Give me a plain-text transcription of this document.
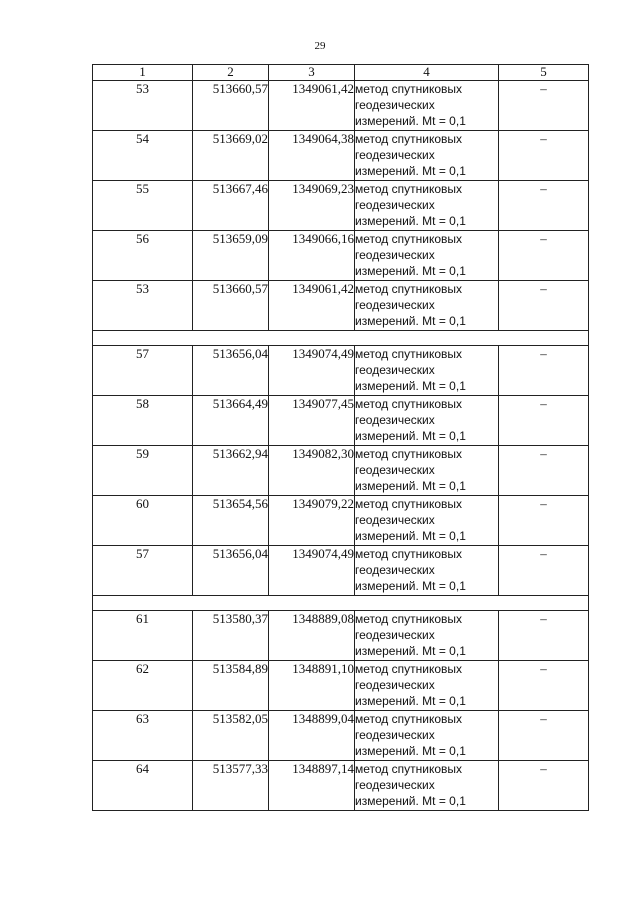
29
1	2	3	4	5
53	513660,57	1349061,42	метод спутниковых
геодезических
измерений. Mt = 0,1	–
54	513669,02	1349064,38	метод спутниковых
геодезических
измерений. Mt = 0,1	–
55	513667,46	1349069,23	метод спутниковых
геодезических
измерений. Mt = 0,1	–
56	513659,09	1349066,16	метод спутниковых
геодезических
измерений. Mt = 0,1	–
53	513660,57	1349061,42	метод спутниковых
геодезических
измерений. Mt = 0,1	–

57	513656,04	1349074,49	метод спутниковых
геодезических
измерений. Mt = 0,1	–
58	513664,49	1349077,45	метод спутниковых
геодезических
измерений. Mt = 0,1	–
59	513662,94	1349082,30	метод спутниковых
геодезических
измерений. Mt = 0,1	–
60	513654,56	1349079,22	метод спутниковых
геодезических
измерений. Mt = 0,1	–
57	513656,04	1349074,49	метод спутниковых
геодезических
измерений. Mt = 0,1	–

61	513580,37	1348889,08	метод спутниковых
геодезических
измерений. Mt = 0,1	–
62	513584,89	1348891,10	метод спутниковых
геодезических
измерений. Mt = 0,1	–
63	513582,05	1348899,04	метод спутниковых
геодезических
измерений. Mt = 0,1	–
64	513577,33	1348897,14	метод спутниковых
геодезических
измерений. Mt = 0,1	–
